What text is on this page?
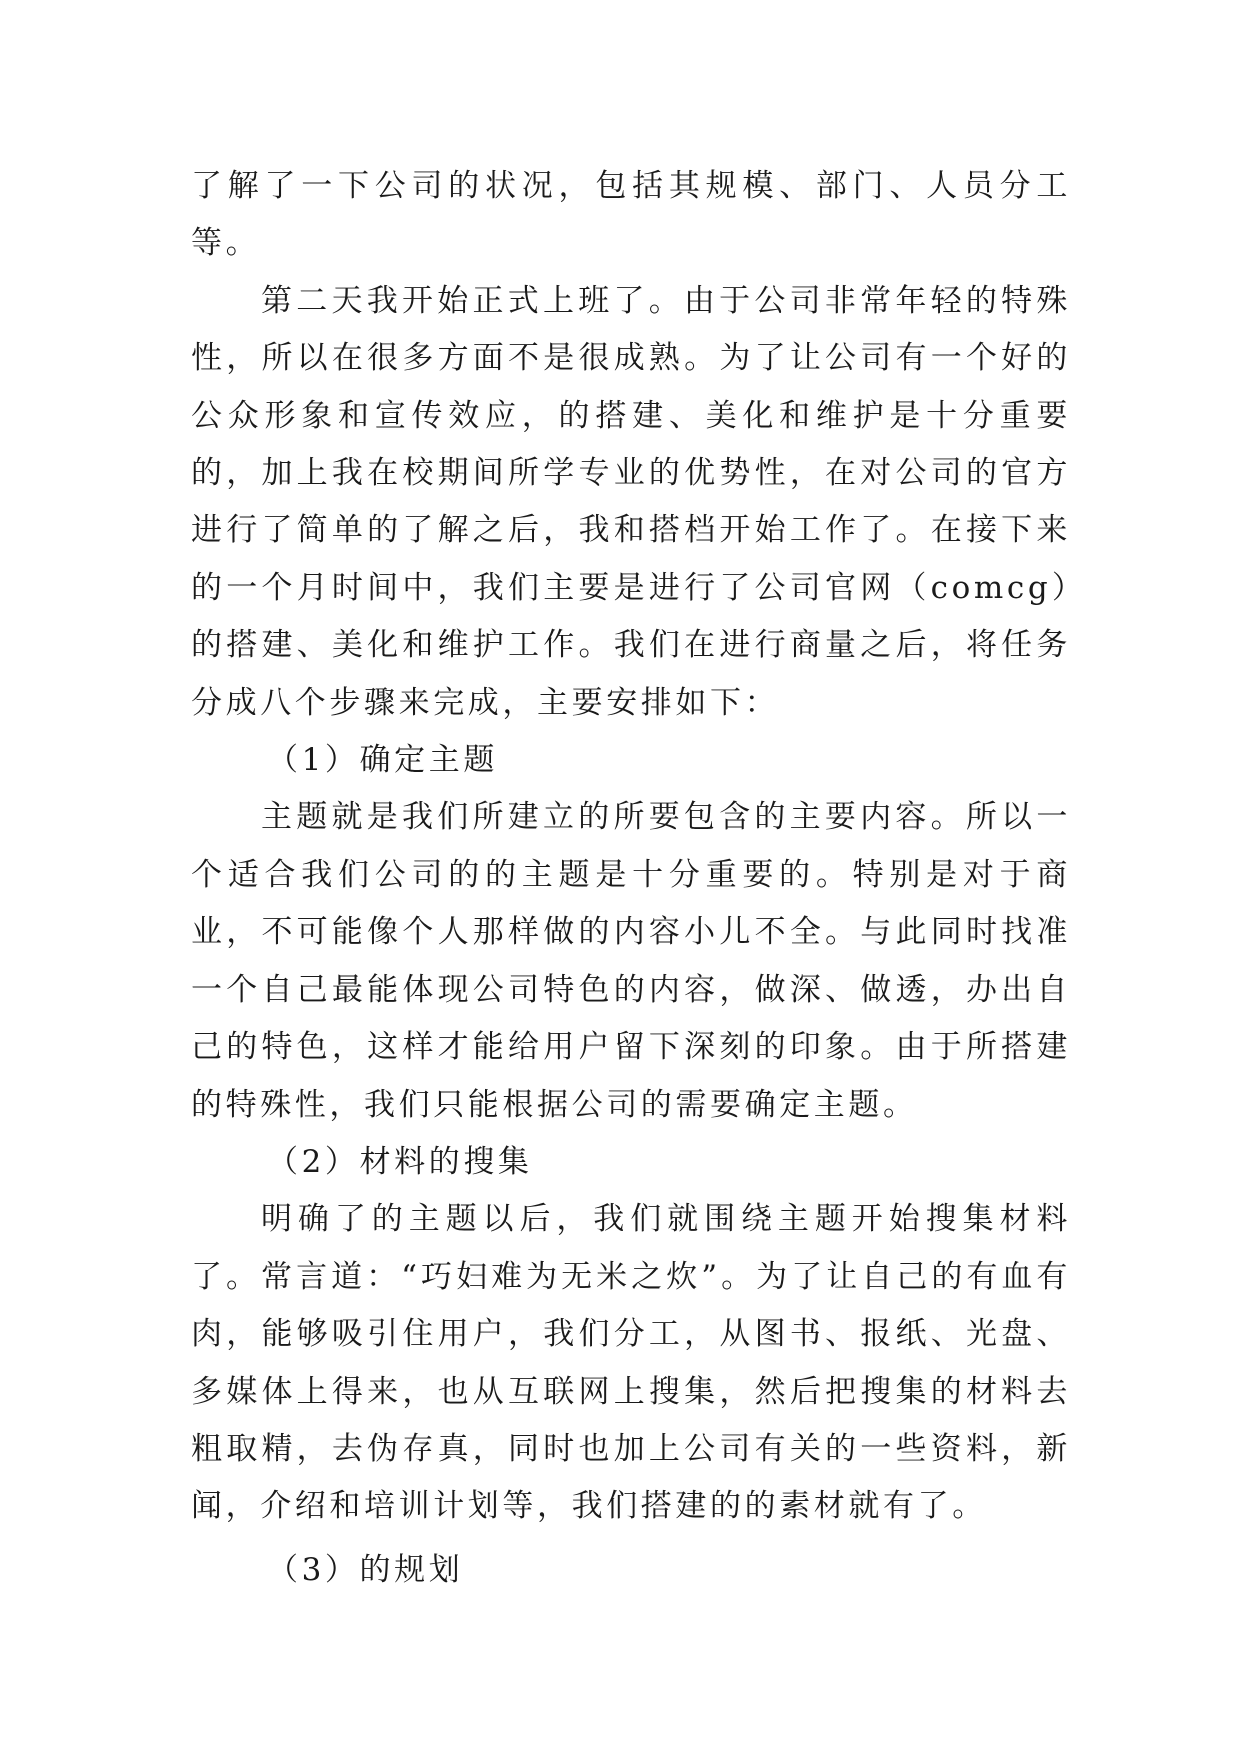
了解了一下公司的状况，包括其规模、部门、人员分工等。

第二天我开始正式上班了。由于公司非常年轻的特殊性，所以在很多方面不是很成熟。为了让公司有一个好的公众形象和宣传效应，的搭建、美化和维护是十分重要的，加上我在校期间所学专业的优势性，在对公司的官方进行了简单的了解之后，我和搭档开始工作了。在接下来的一个月时间中，我们主要是进行了公司官网（comcg）的搭建、美化和维护工作。我们在进行商量之后，将任务分成八个步骤来完成，主要安排如下：

（1）确定主题

主题就是我们所建立的所要包含的主要内容。所以一个适合我们公司的的主题是十分重要的。特别是对于商业，不可能像个人那样做的内容小儿不全。与此同时找准一个自己最能体现公司特色的内容，做深、做透，办出自己的特色，这样才能给用户留下深刻的印象。由于所搭建的特殊性，我们只能根据公司的需要确定主题。

（2）材料的搜集

明确了的主题以后，我们就围绕主题开始搜集材料了。常言道：“巧妇难为无米之炊”。为了让自己的有血有肉，能够吸引住用户，我们分工，从图书、报纸、光盘、多媒体上得来，也从互联网上搜集，然后把搜集的材料去粗取精，去伪存真，同时也加上公司有关的一些资料，新闻，介绍和培训计划等，我们搭建的的素材就有了。

（3）的规划
